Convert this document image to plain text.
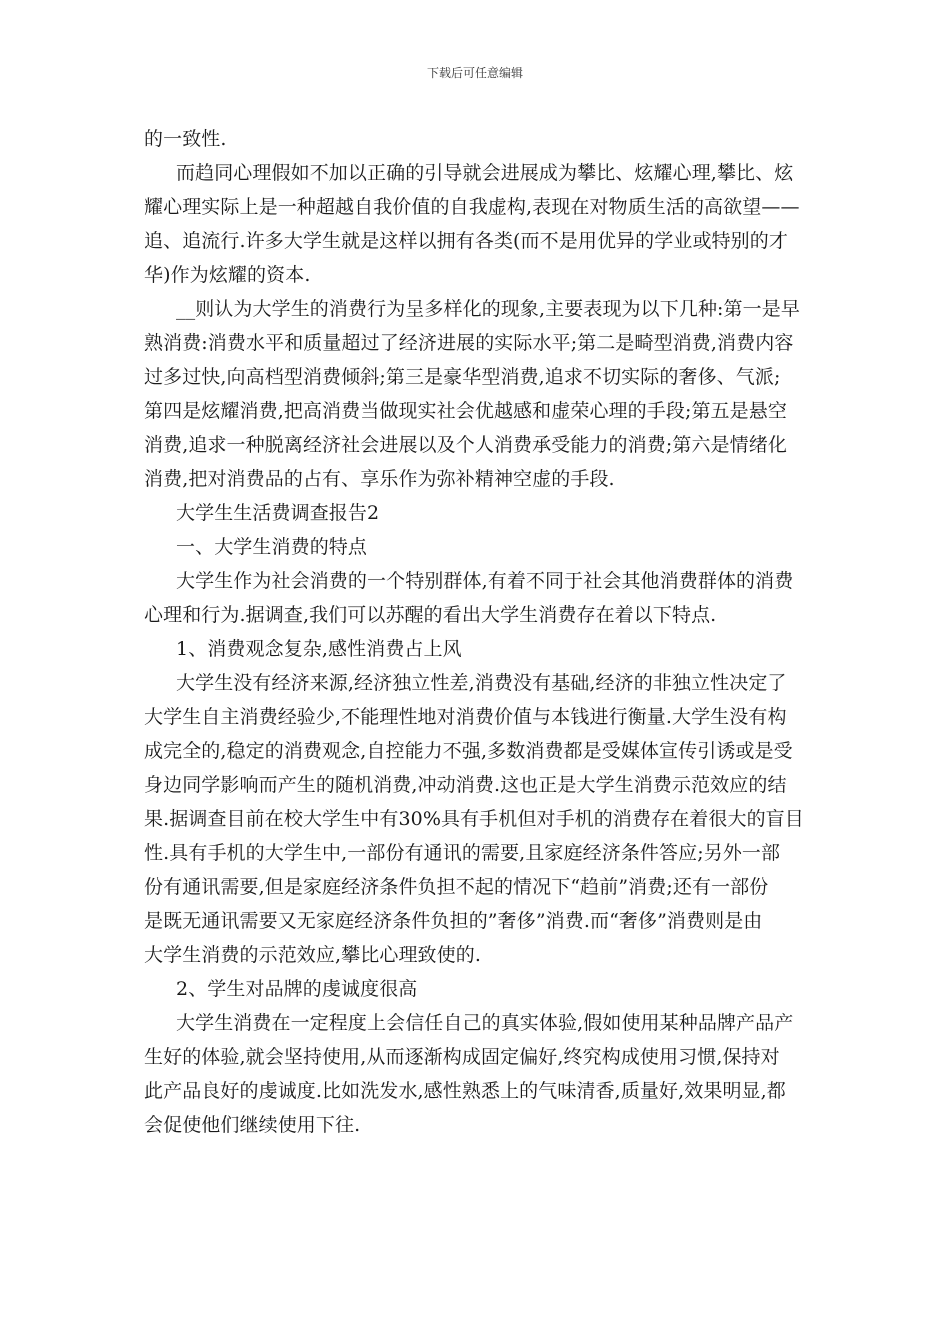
下载后可任意编辑
的一致性.
而趋同心理假如不加以正确的引导就会进展成为攀比、炫耀心理,攀比、炫
耀心理实际上是一种超越自我价值的自我虚构,表现在对物质生活的高欲望——
追、追流行.许多大学生就是这样以拥有各类(而不是用优异的学业或特别的才
华)作为炫耀的资本.
__则认为大学生的消费行为呈多样化的现象,主要表现为以下几种:第一是早
熟消费:消费水平和质量超过了经济进展的实际水平;第二是畸型消费,消费内容
过多过快,向高档型消费倾斜;第三是豪华型消费,追求不切实际的奢侈、气派;
第四是炫耀消费,把高消费当做现实社会优越感和虚荣心理的手段;第五是悬空
消费,追求一种脱离经济社会进展以及个人消费承受能力的消费;第六是情绪化
消费,把对消费品的占有、享乐作为弥补精神空虚的手段.
大学生生活费调查报告2
一、大学生消费的特点
大学生作为社会消费的一个特别群体,有着不同于社会其他消费群体的消费
心理和行为.据调查,我们可以苏醒的看出大学生消费存在着以下特点.
1、消费观念复杂,感性消费占上风
大学生没有经济来源,经济独立性差,消费没有基础,经济的非独立性决定了
大学生自主消费经验少,不能理性地对消费价值与本钱进行衡量.大学生没有构
成完全的,稳定的消费观念,自控能力不强,多数消费都是受媒体宣传引诱或是受
身边同学影响而产生的随机消费,冲动消费.这也正是大学生消费示范效应的结
果.据调查目前在校大学生中有30%具有手机但对手机的消费存在着很大的盲目
性.具有手机的大学生中,一部份有通讯的需要,且家庭经济条件答应;另外一部
份有通讯需要,但是家庭经济条件负担不起的情况下“趋前”消费;还有一部份
是既无通讯需要又无家庭经济条件负担的”奢侈”消费.而“奢侈”消费则是由
大学生消费的示范效应,攀比心理致使的.
2、学生对品牌的虔诚度很高
大学生消费在一定程度上会信任自己的真实体验,假如使用某种品牌产品产
生好的体验,就会坚持使用,从而逐渐构成固定偏好,终究构成使用习惯,保持对
此产品良好的虔诚度.比如洗发水,感性熟悉上的气味清香,质量好,效果明显,都
会促使他们继续使用下往.
